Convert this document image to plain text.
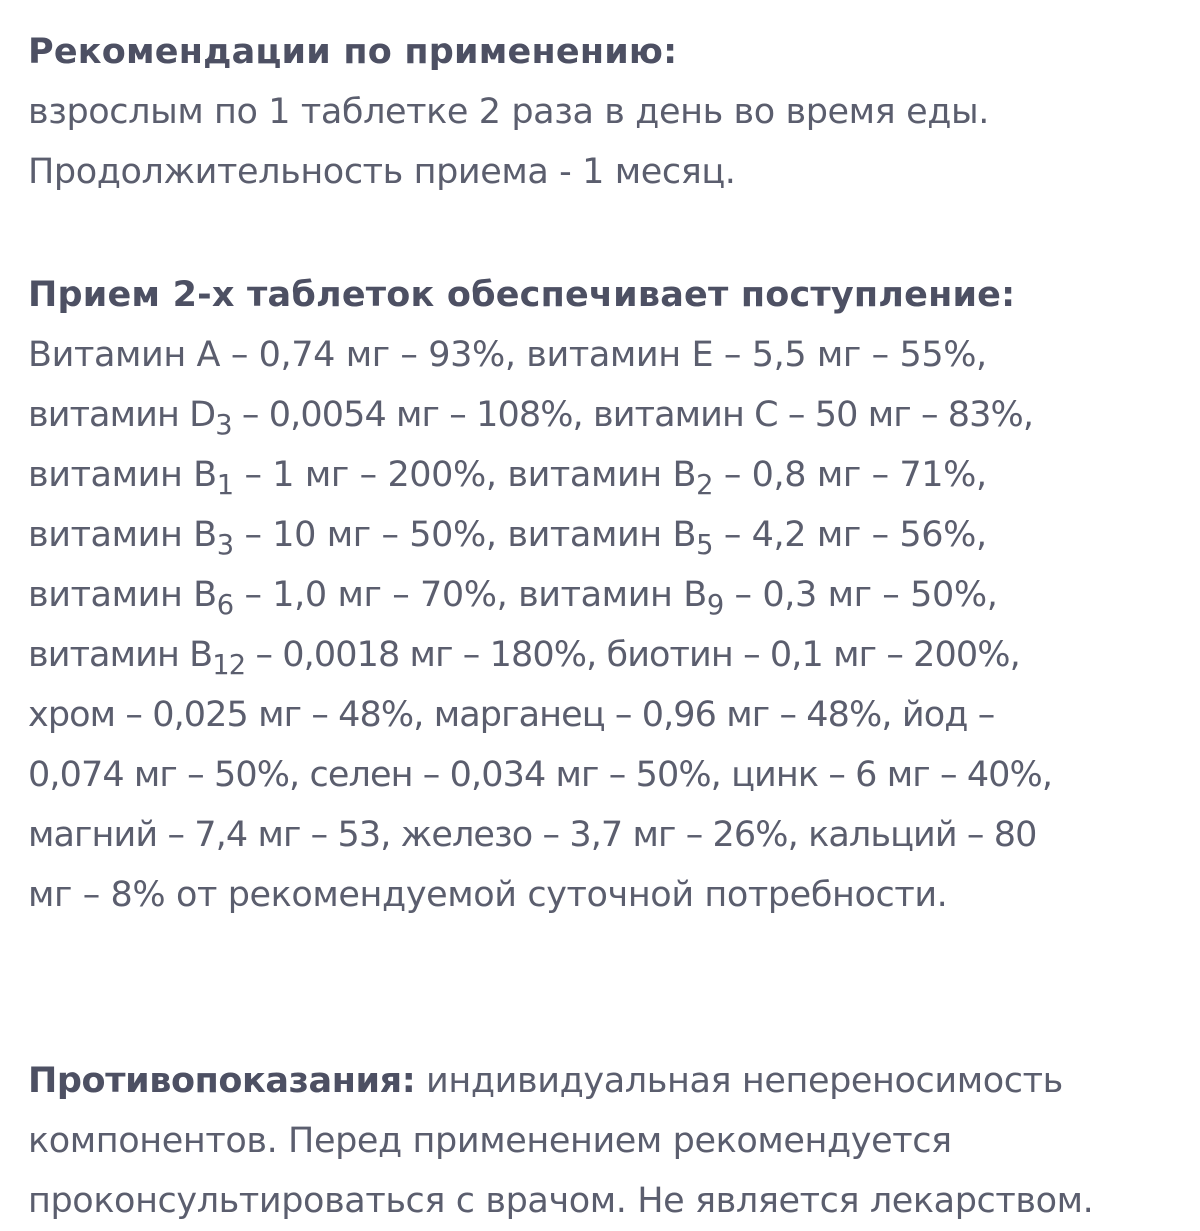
Рекомендации по применению:
взрослым по 1 таблетке 2 раза в день во время еды.
Продолжительность приема - 1 месяц.
Прием 2-х таблеток обеспечивает поступление:
Витамин А – 0,74 мг – 93%, витамин Е – 5,5 мг – 55%,
витамин $D_3 - 0,0054$ мг – 108%, витамин С – 50 мг – 83%,
витамин $В_1 - 1$ мг – 200%, витамин $В_2 - 0,8$ мг – 71%,
витамин $В_3 - 10$ мг – 50%, витамин $В_5 - 4,2$ мг – 56%,
витамин $В_6 - 1,0$ мг – 70%, витамин $В_9 - 0,3$ мг – 50%,
витамин $В_{12} - 0,0018$ мг – 180%, биотин – 0,1 мг – 200%,
хром – 0,025 мг – 48%, марганец – 0,96 мг – 48%, йод –
0,074 мг – 50%, селен – 0,034 мг – 50%, цинк – 6 мг – 40%,
магний – 7,4 мг – 53, железо – 3,7 мг – 26%, кальций – 80
мг – 8% от рекомендуемой суточной потребности.
Противопоказания: индивидуальная непереносимость
компонентов. Перед применением рекомендуется
проконсультироваться с врачом. Не является лекарством.
